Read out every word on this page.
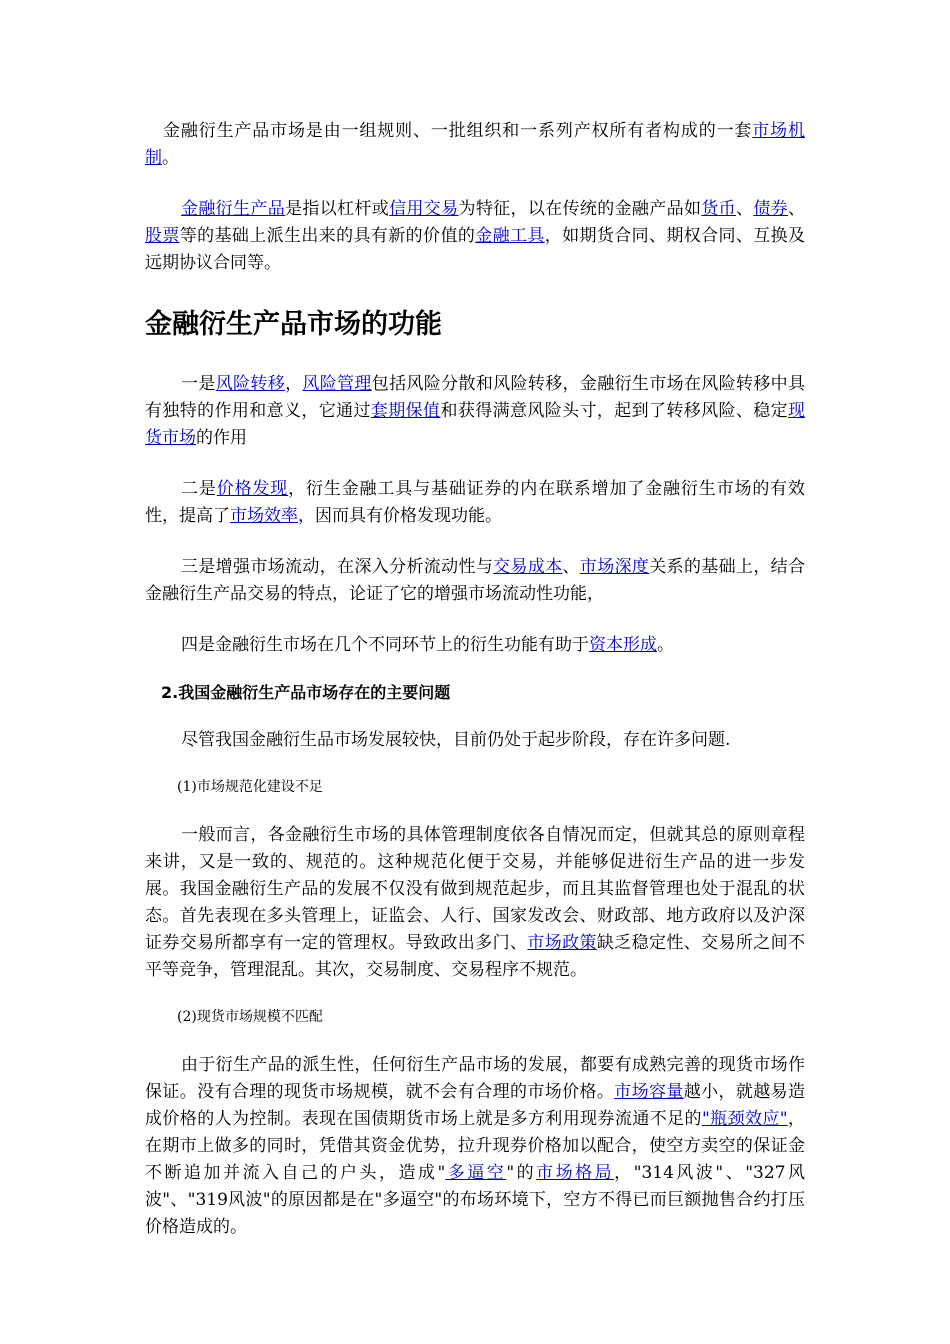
金融衍生产品市场是由一组规则、一批组织和一系列产权所有者构成的一套市场机制。

金融衍生产品是指以杠杆或信用交易为特征，以在传统的金融产品如货币、债券、股票等的基础上派生出来的具有新的价值的金融工具，如期货合同、期权合同、互换及远期协议合同等。

金融衍生产品市场的功能

一是风险转移，风险管理包括风险分散和风险转移，金融衍生市场在风险转移中具有独特的作用和意义，它通过套期保值和获得满意风险头寸，起到了转移风险、稳定现货市场的作用

二是价格发现，衍生金融工具与基础证券的内在联系增加了金融衍生市场的有效性，提高了市场效率，因而具有价格发现功能。

三是增强市场流动，在深入分析流动性与交易成本、市场深度关系的基础上，结合金融衍生产品交易的特点，论证了它的增强市场流动性功能，

四是金融衍生市场在几个不同环节上的衍生功能有助于资本形成。

2.我国金融衍生产品市场存在的主要问题

尽管我国金融衍生品市场发展较快，目前仍处于起步阶段，存在许多问题.

(1)市场规范化建设不足

一般而言，各金融衍生市场的具体管理制度依各自情况而定，但就其总的原则章程来讲，又是一致的、规范的。这种规范化便于交易，并能够促进衍生产品的进一步发展。我国金融衍生产品的发展不仅没有做到规范起步，而且其监督管理也处于混乱的状态。首先表现在多头管理上，证监会、人行、国家发改会、财政部、地方政府以及沪深证券交易所都享有一定的管理权。导致政出多门、市场政策缺乏稳定性、交易所之间不平等竞争，管理混乱。其次，交易制度、交易程序不规范。

(2)现货市场规模不匹配

由于衍生产品的派生性，任何衍生产品市场的发展，都要有成熟完善的现货市场作保证。没有合理的现货市场规模，就不会有合理的市场价格。市场容量越小，就越易造成价格的人为控制。表现在国债期货市场上就是多方利用现券流通不足的"瓶颈效应"，在期市上做多的同时，凭借其资金优势，拉升现券价格加以配合，使空方卖空的保证金不断追加并流入自己的户头，造成"多逼空"的市场格局，"314风波"、"327风波"、"319风波"的原因都是在"多逼空"的布场环境下，空方不得已而巨额抛售合约打压价格造成的。
